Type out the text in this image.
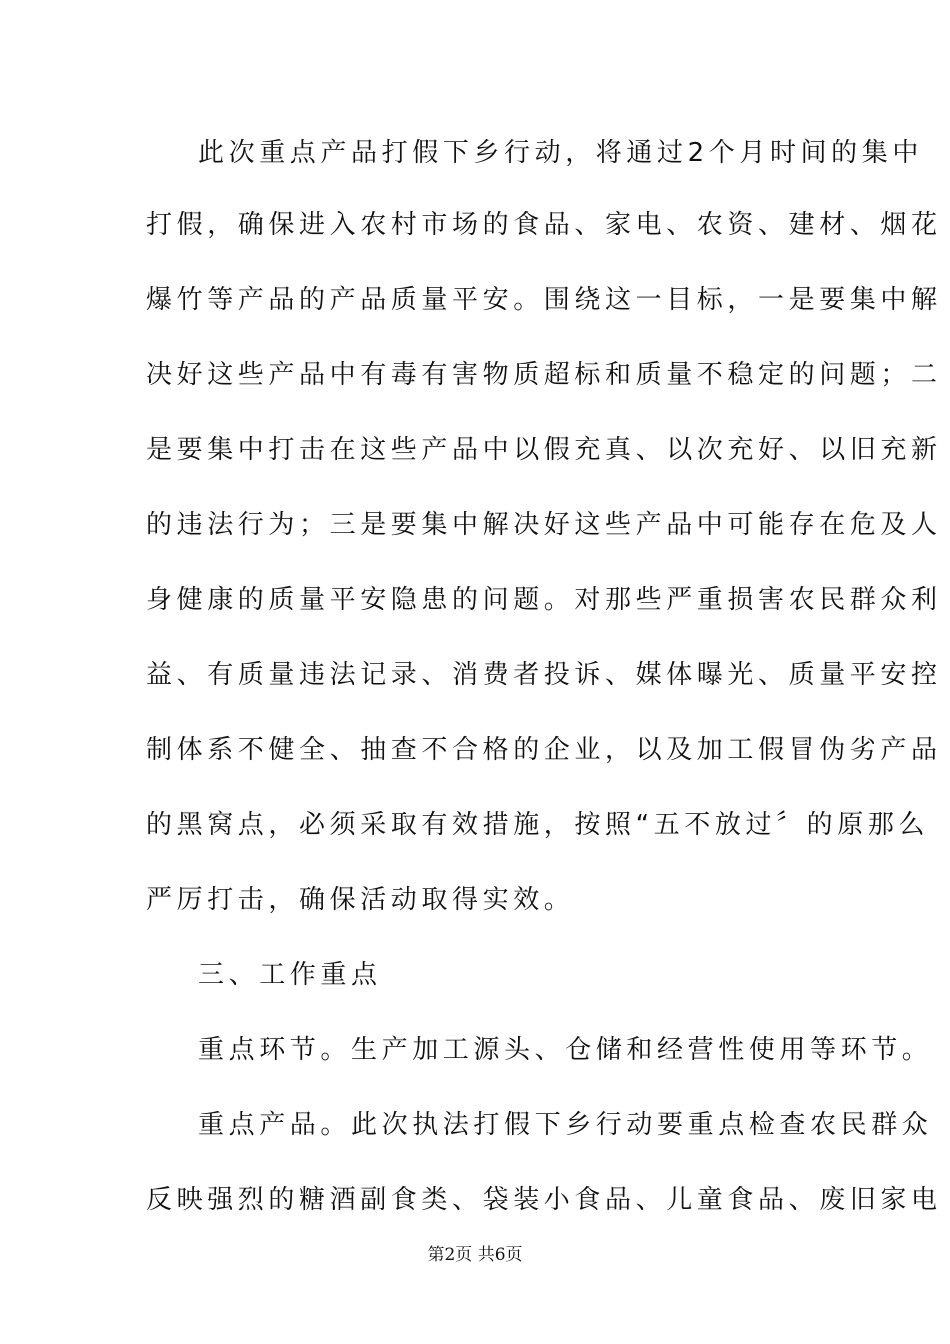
此次重点产品打假下乡行动，将通过2个月时间的集中
打假，确保进入农村市场的食品、家电、农资、建材、烟花
爆竹等产品的产品质量平安。围绕这一目标，一是要集中解
决好这些产品中有毒有害物质超标和质量不稳定的问题；二
是要集中打击在这些产品中以假充真、以次充好、以旧充新
的违法行为；三是要集中解决好这些产品中可能存在危及人
身健康的质量平安隐患的问题。对那些严重损害农民群众利
益、有质量违法记录、消费者投诉、媒体曝光、质量平安控
制体系不健全、抽查不合格的企业，以及加工假冒伪劣产品
的黑窝点，必须采取有效措施，按照“五不放过〞的原那么
严厉打击，确保活动取得实效。
三、工作重点
重点环节。生产加工源头、仓储和经营性使用等环节。
重点产品。此次执法打假下乡行动要重点检查农民群众
反映强烈的糖酒副食类、袋装小食品、儿童食品、废旧家电
第2页 共6页
